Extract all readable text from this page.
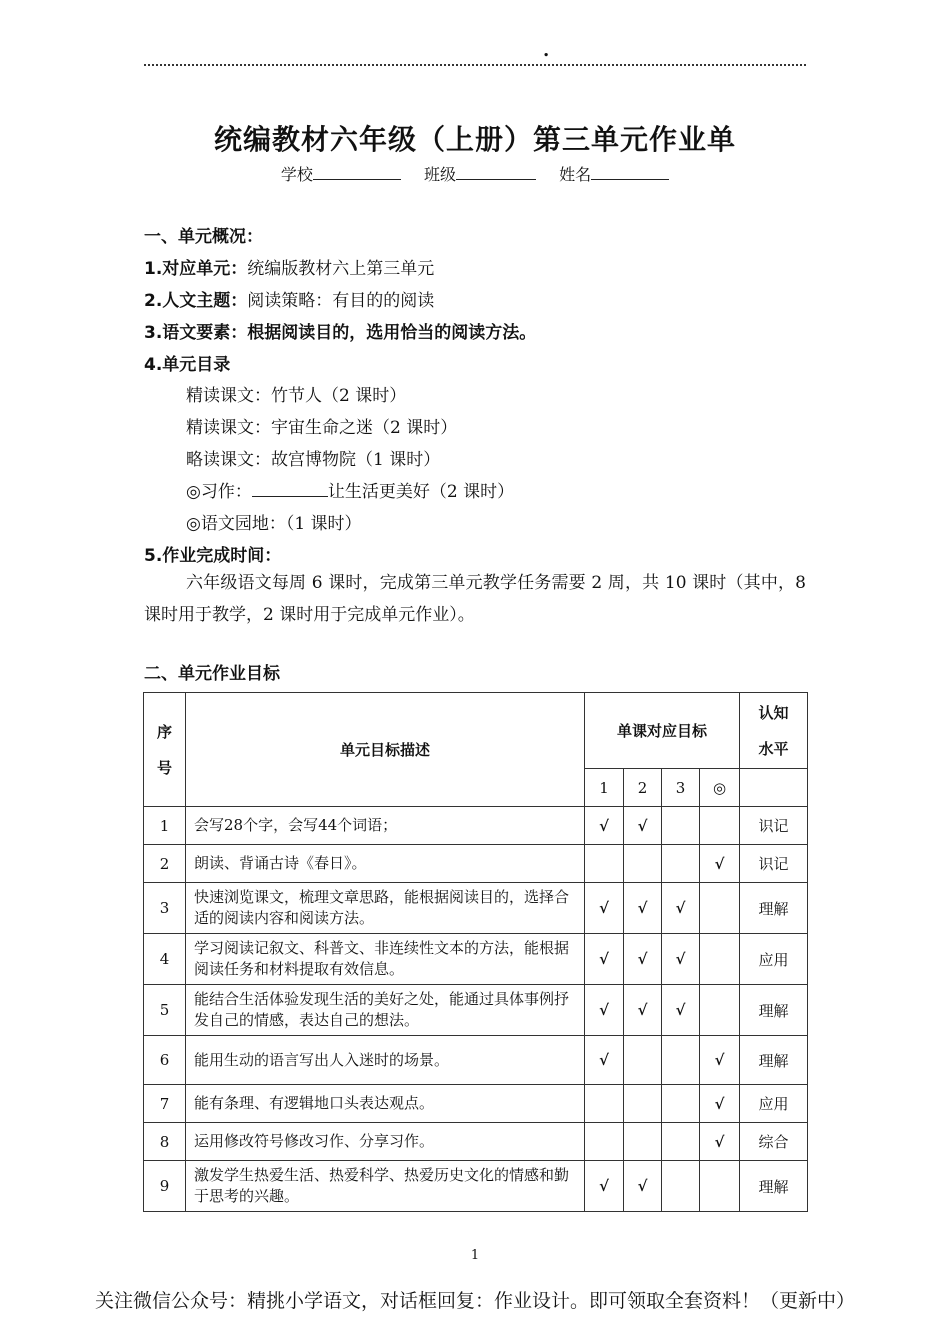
.
统编教材六年级（上册）第三单元作业单
学校	班级	姓名
一、单元概况：
1.对应单元：统编版教材六上第三单元
2.人文主题：阅读策略：有目的的阅读
3.语文要素：根据阅读目的，选用恰当的阅读方法。
4.单元目录
精读课文：竹节人（2 课时）
精读课文：宇宙生命之迷（2 课时）
略读课文：故宫博物院（1 课时）
◎习作：	让生活更美好（2 课时）
◎语文园地：（1 课时）
5.作业完成时间：
六年级语文每周 6 课时，完成第三单元教学任务需要 2 周，共 10 课时（其中，8 课时用于教学，2 课时用于完成单元作业）。
二、单元作业目标
序号	单元目标描述	单课对应目标				认知水平

		1	2	3	◎	
1	会写28个字，会写44个词语；	√	√			识记
2	朗读、背诵古诗《春日》。				√	识记
3	快速浏览课文，梳理文章思路，能根据阅读目的，选择合适的阅读内容和阅读方法。	√	√	√		理解
4	学习阅读记叙文、科普文、非连续性文本的方法，能根据阅读任务和材料提取有效信息。	√	√	√		应用
5	能结合生活体验发现生活的美好之处，能通过具体事例抒发自己的情感，表达自己的想法。	√	√	√		理解
6	能用生动的语言写出人入迷时的场景。	√			√	理解
7	能有条理、有逻辑地口头表达观点。				√	应用
8	运用修改符号修改习作、分享习作。				√	综合
9	激发学生热爱生活、热爱科学、热爱历史文化的情感和勤于思考的兴趣。	√	√			理解
1
关注微信公众号：精挑小学语文，对话框回复：作业设计。即可领取全套资料！（更新中）
